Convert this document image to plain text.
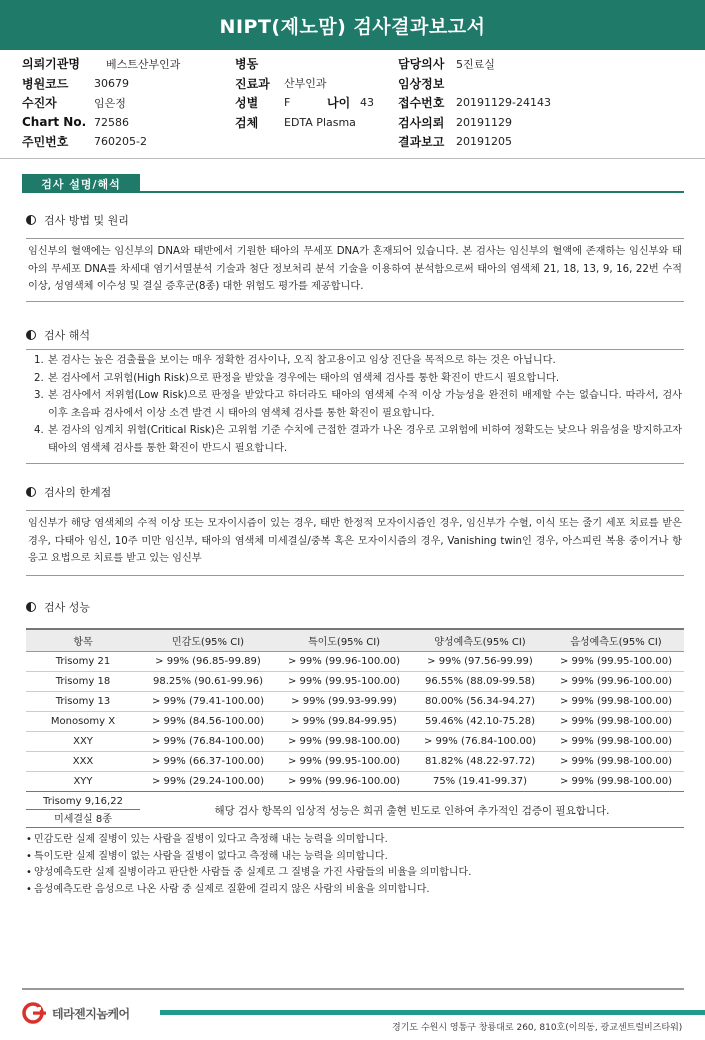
NIPT(제노맘) 검사결과보고서
의뢰기관명 베스트산부인과	병동	담당의사 5진료실
병원코드 30679	진료과 산부인과	임상정보
수진자	임은정	성별 F	나이 43 접수번호 20191129-24143
Chart No. 72586	검체 EDTA Plasma	검사의뢰 20191129
주민번호 760205-2	결과보고 20191205
검사 설명/해석
검사 방법 및 원리

임신부의 혈액에는 임신부의 DNA와 태반에서 기원한 태아의 무세포 DNA가 혼재되어 있습니다. 본 검사는 임신부의 혈액에 존재하는 임신부와 태아의 무세포 DNA를 차세대 염기서열분석 기술과 첨단 정보처리 분석 기술을 이용하여 분석함으로써 태아의 염색체 21, 18, 13, 9, 16, 22번 수적 이상, 성염색체 이수성 및 결실 증후군(8종) 대한 위험도 평가를 제공합니다.

검사 해석
1. 본 검사는 높은 검출률을 보이는 매우 정확한 검사이나, 오직 참고용이고 임상 진단을 목적으로 하는 것은 아닙니다.
2. 본 검사에서 고위험(High Risk)으로 판정을 받았을 경우에는 태아의 염색체 검사를 통한 확진이 반드시 필요합니다.
3. 본 검사에서 저위험(Low Risk)으로 판정을 받았다고 하더라도 태아의 염색체 수적 이상 가능성을 완전히 배제할 수는 없습니다. 따라서, 검사 이후 초음파 검사에서 이상 소견 발견 시 태아의 염색체 검사를 통한 확진이 필요합니다.
4. 본 검사의 임계치 위험(Critical Risk)은 고위험 기준 수치에 근접한 결과가 나온 경우로 고위험에 비하여 정확도는 낮으나 위음성을 방지하고자 태아의 염색체 검사를 통한 확진이 반드시 필요합니다.
검사의 한계점

임신부가 해당 염색체의 수적 이상 또는 모자이시즘이 있는 경우, 태반 한정적 모자이시즘인 경우, 임신부가 수혈, 이식 또는 줄기 세포 치료를 받은 경우, 다태아 임신, 10주 미만 임신부, 태아의 염색체 미세결실/중복 혹은 모자이시즘의 경우, Vanishing twin인 경우, 아스피린 복용 중이거나 항 응고 요법으로 치료를 받고 있는 임신부

검사 성능
항목	민감도(95% CI)	특이도(95% CI)	양성예측도(95% CI)	음성예측도(95% CI)
Trisomy 21	> 99% (96.85-99.89)	> 99% (99.96-100.00)	> 99% (97.56-99.99)	> 99% (99.95-100.00)
Trisomy 18	98.25% (90.61-99.96)	> 99% (99.95-100.00)	96.55% (88.09-99.58)	> 99% (99.96-100.00)
Trisomy 13	> 99% (79.41-100.00)	> 99% (99.93-99.99)	80.00% (56.34-94.27)	> 99% (99.98-100.00)
Monosomy X	> 99% (84.56-100.00)	> 99% (99.84-99.95)	59.46% (42.10-75.28)	> 99% (99.98-100.00)
XXY	> 99% (76.84-100.00)	> 99% (99.98-100.00)	> 99% (76.84-100.00)	> 99% (99.98-100.00)
XXX	> 99% (66.37-100.00)	> 99% (99.95-100.00)	81.82% (48.22-97.72)	> 99% (99.98-100.00)
XYY	> 99% (29.24-100.00)	> 99% (99.96-100.00)	75% (19.41-99.37)	> 99% (99.98-100.00)
Trisomy 9,16,22
미세결실 8종
해당 검사 항목의 임상적 성능은 희귀 출현 빈도로 인하여 추가적인 검증이 필요합니다.
• 민감도란 실제 질병이 있는 사람을 질병이 있다고 측정해 내는 능력을 의미합니다.
• 특이도란 실제 질병이 없는 사람을 질병이 없다고 측정해 내는 능력을 의미합니다.
• 양성예측도란 실제 질병이라고 판단한 사람들 중 실제로 그 질병을 가진 사람들의 비율을 의미합니다.
• 음성예측도란 음성으로 나온 사람 중 실제로 질환에 걸리지 않은 사람의 비율을 의미합니다.
테라젠지놈케어
경기도 수원시 영통구 창룡대로 260, 810호(이의동, 광교센트럴비즈타워)
